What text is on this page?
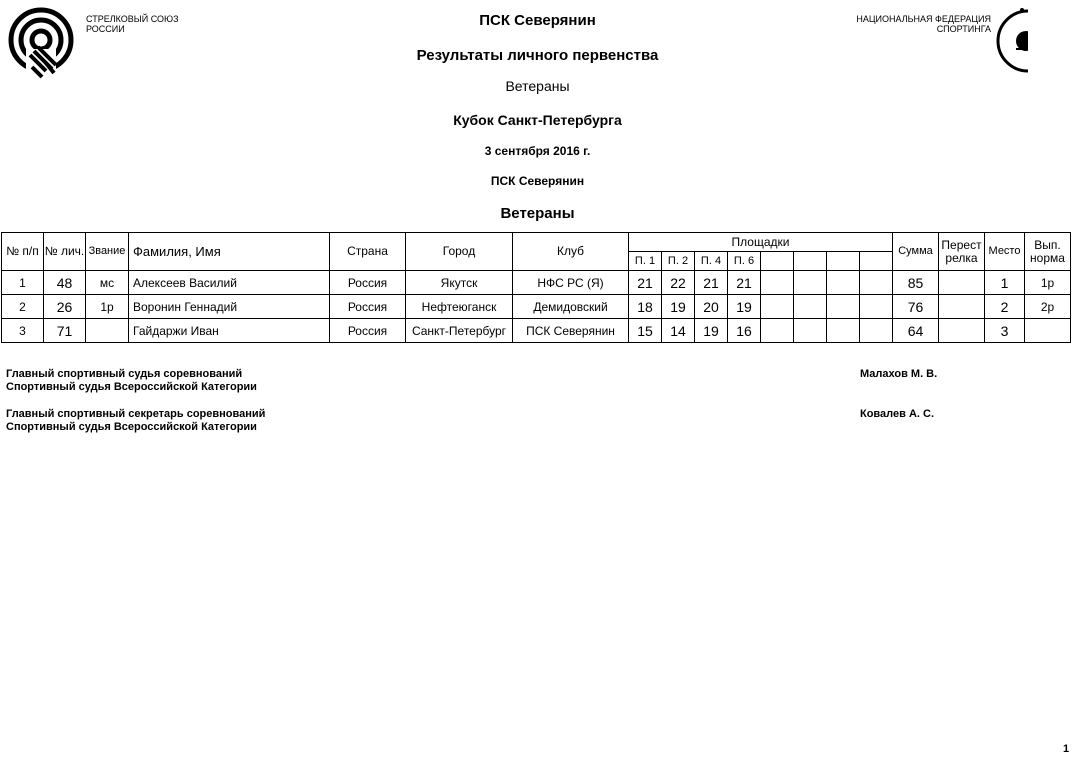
СТРЕЛКОВЫЙ СОЮЗ
РОССИИ
НАЦИОНАЛЬНАЯ ФЕДЕРАЦИЯ
СПОРТИНГА
ПСК Северянин
Результаты личного первенства
Ветераны
Кубок Санкт-Петербурга
3 сентября 2016 г.
ПСК Северянин
Ветераны
№ п/п	№ лич.	Звание	Фамилия, Имя	Страна	Город	Клуб	Площадки								Сумма	Перестрелка	Место	Вып. норма
							П. 1	П. 2	П. 4	П. 6								
1	48	мс	Алексеев Василий	Россия	Якутск	НФС РС (Я)	21	22	21	21					85		1	1р
2	26	1р	Воронин Геннадий	Россия	Нефтеюганск	Демидовский	18	19	20	19					76		2	2р
3	71		Гайдаржи Иван	Россия	Санкт-Петербург	ПСК Северянин	15	14	19	16					64		3	
Главный спортивный судья соревнований
Спортивный судья Всероссийской Категории
Малахов М. В.
Главный спортивный секретарь соревнований
Спортивный судья Всероссийской Категории
Ковалев А. С.
1
